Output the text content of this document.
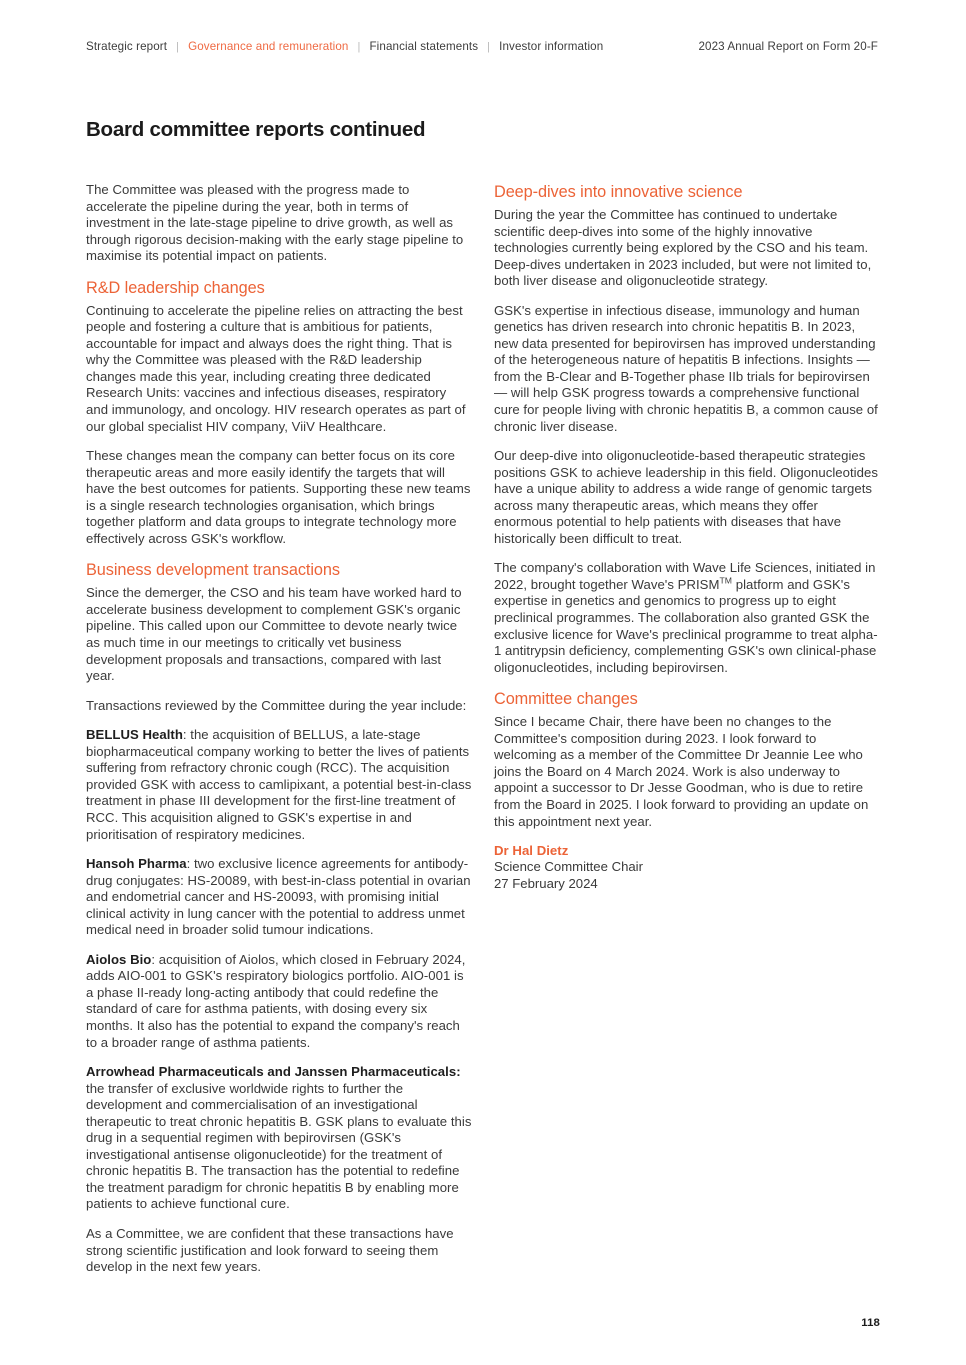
Strategic report | Governance and remuneration | Financial statements | Investor information	2023 Annual Report on Form 20-F
Board committee reports continued

The Committee was pleased with the progress made to accelerate the pipeline during the year, both in terms of investment in the late-stage pipeline to drive growth, as well as through rigorous decision-making with the early stage pipeline to maximise its potential impact on patients.

R&D leadership changes

Continuing to accelerate the pipeline relies on attracting the best people and fostering a culture that is ambitious for patients, accountable for impact and always does the right thing. That is why the Committee was pleased with the R&D leadership changes made this year, including creating three dedicated Research Units: vaccines and infectious diseases, respiratory and immunology, and oncology. HIV research operates as part of our global specialist HIV company, ViiV Healthcare.

These changes mean the company can better focus on its core therapeutic areas and more easily identify the targets that will have the best outcomes for patients. Supporting these new teams is a single research technologies organisation, which brings together platform and data groups to integrate technology more effectively across GSK's workflow.

Business development transactions

Since the demerger, the CSO and his team have worked hard to accelerate business development to complement GSK's organic pipeline. This called upon our Committee to devote nearly twice as much time in our meetings to critically vet business development proposals and transactions, compared with last year.

Transactions reviewed by the Committee during the year include:

BELLUS Health: the acquisition of BELLUS, a late-stage biopharmaceutical company working to better the lives of patients suffering from refractory chronic cough (RCC). The acquisition provided GSK with access to camlipixant, a potential best-in-class treatment in phase III development for the first-line treatment of RCC. This acquisition aligned to GSK's expertise in and prioritisation of respiratory medicines.

Hansoh Pharma: two exclusive licence agreements for antibody-drug conjugates: HS-20089, with best-in-class potential in ovarian and endometrial cancer and HS-20093, with promising initial clinical activity in lung cancer with the potential to address unmet medical need in broader solid tumour indications.

Aiolos Bio: acquisition of Aiolos, which closed in February 2024, adds AIO-001 to GSK's respiratory biologics portfolio. AIO-001 is a phase II-ready long-acting antibody that could redefine the standard of care for asthma patients, with dosing every six months. It also has the potential to expand the company's reach to a broader range of asthma patients.

Arrowhead Pharmaceuticals and Janssen Pharmaceuticals: the transfer of exclusive worldwide rights to further the development and commercialisation of an investigational therapeutic to treat chronic hepatitis B. GSK plans to evaluate this drug in a sequential regimen with bepirovirsen (GSK's investigational antisense oligonucleotide) for the treatment of chronic hepatitis B. The transaction has the potential to redefine the treatment paradigm for chronic hepatitis B by enabling more patients to achieve functional cure.

As a Committee, we are confident that these transactions have strong scientific justification and look forward to seeing them develop in the next few years.

Deep-dives into innovative science

During the year the Committee has continued to undertake scientific deep-dives into some of the highly innovative technologies currently being explored by the CSO and his team. Deep-dives undertaken in 2023 included, but were not limited to, both liver disease and oligonucleotide strategy.

GSK's expertise in infectious disease, immunology and human genetics has driven research into chronic hepatitis B. In 2023, new data presented for bepirovirsen has improved understanding of the heterogeneous nature of hepatitis B infections. Insights — from the B-Clear and B-Together phase IIb trials for bepirovirsen — will help GSK progress towards a comprehensive functional cure for people living with chronic hepatitis B, a common cause of chronic liver disease.

Our deep-dive into oligonucleotide-based therapeutic strategies positions GSK to achieve leadership in this field. Oligonucleotides have a unique ability to address a wide range of genomic targets across many therapeutic areas, which means they offer enormous potential to help patients with diseases that have historically been difficult to treat.

The company's collaboration with Wave Life Sciences, initiated in 2022, brought together Wave's PRISM™ platform and GSK's expertise in genetics and genomics to progress up to eight preclinical programmes. The collaboration also granted GSK the exclusive licence for Wave's preclinical programme to treat alpha-1 antitrypsin deficiency, complementing GSK's own clinical-phase oligonucleotides, including bepirovirsen.

Committee changes

Since I became Chair, there have been no changes to the Committee's composition during 2023. I look forward to welcoming as a member of the Committee Dr Jeannie Lee who joins the Board on 4 March 2024. Work is also underway to appoint a successor to Dr Jesse Goodman, who is due to retire from the Board in 2025. I look forward to providing an update on this appointment next year.

Dr Hal Dietz

Science Committee Chair

27 February 2024

118
